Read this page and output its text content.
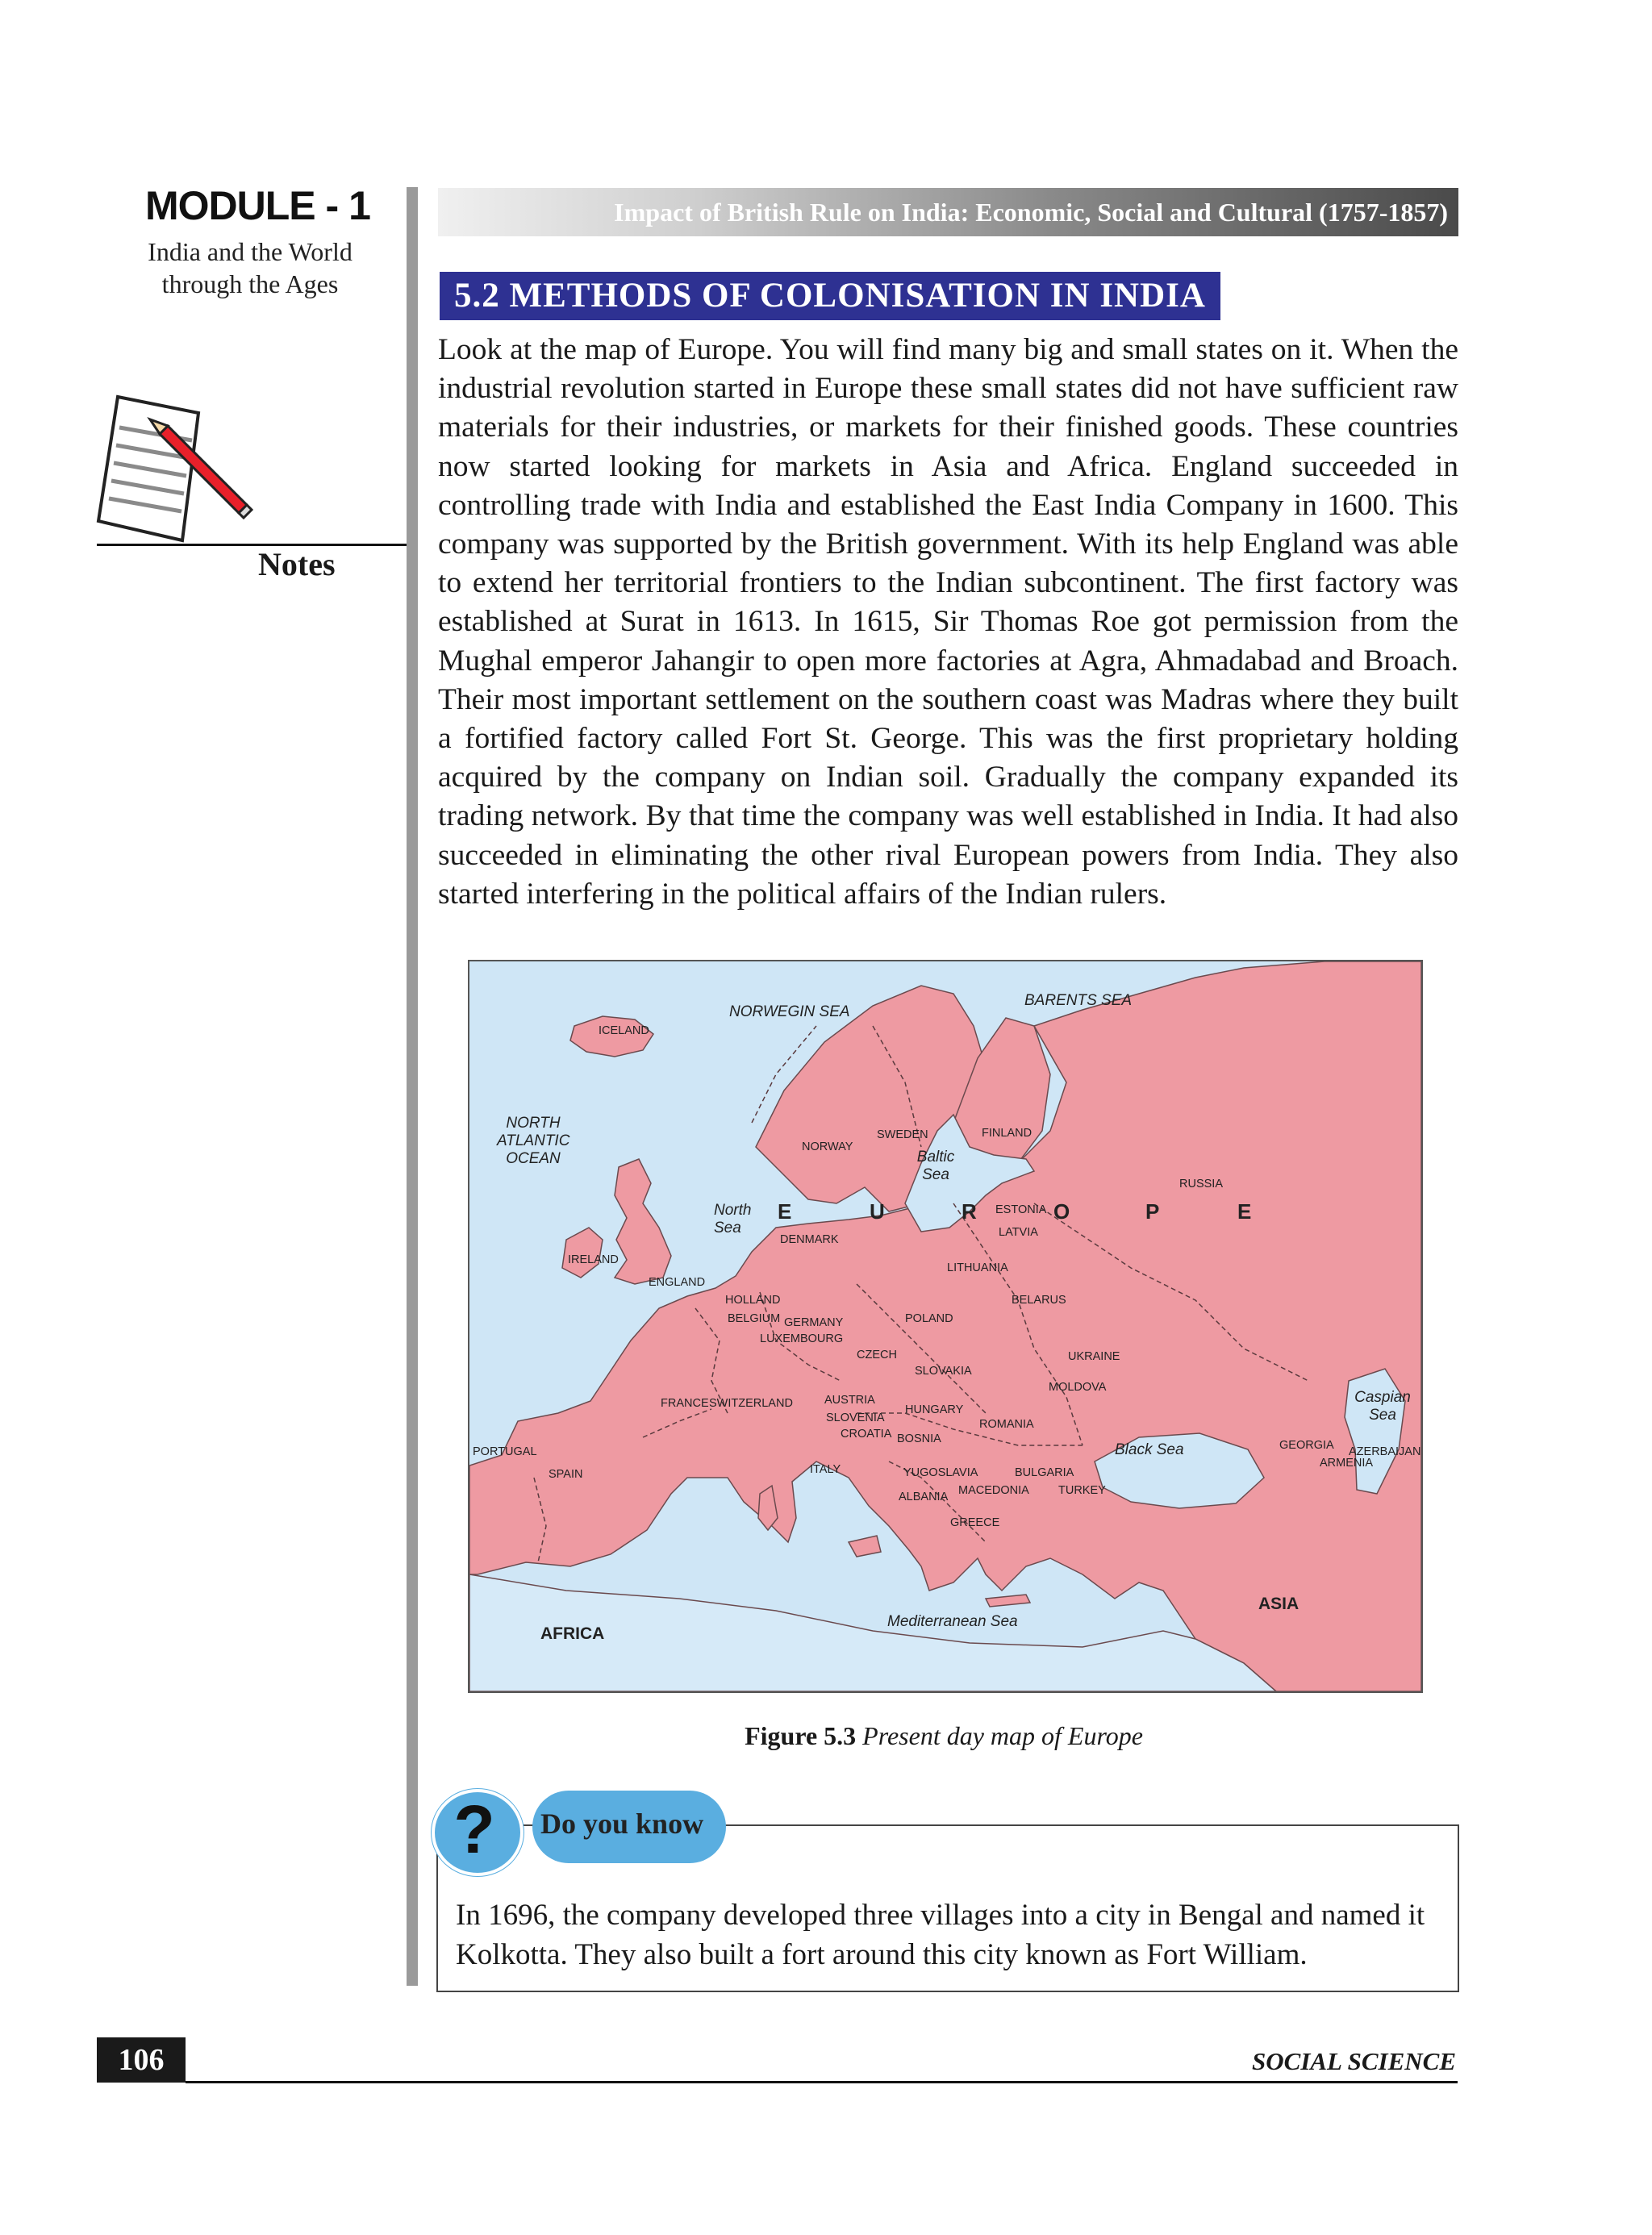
MODULE - 1
India and the World
through the Ages
Notes
Impact of British Rule on India: Economic, Social and Cultural (1757-1857)
5.2 METHODS OF COLONISATION IN INDIA
Look at the map of Europe. You will find many big and small states on it. When the industrial revolution started in Europe these small states did not have sufficient raw materials for their industries, or markets for their finished goods. These countries now started looking for markets in Asia and Africa. England succeeded in controlling trade with India and established the East India Company in 1600. This company was supported by the British government. With its help England was able to extend her territorial frontiers to the Indian subcontinent. The first factory was established at Surat in 1613. In 1615, Sir Thomas Roe got permission from the Mughal emperor Jahangir to open more factories at Agra, Ahmadabad and Broach. Their most important settlement on the southern coast was Madras where they built a fortified factory called Fort St. George. This was the first proprietary holding acquired by the company on Indian soil. Gradually the company expanded its trading network. By that time the company was well established in India. It had also succeeded in eliminating the other rival European powers from India. They also started interfering in the political affairs of the Indian rulers.
NORWEGIN SEA
BARENTS SEA
NORTH
ATLANTIC
OCEAN	Baltic
Sea
North
Sea
Caspian
Sea
Black Sea
Mediterranean Sea
ASIA
AFRICA
E	U	R	O	P	E
ICELAND
NORWAY
SWEDEN	FINLAND
RUSSIA
ESTONIA
LATVIA
LITHUANIA
DENMARK
IRELAND
ENGLAND
HOLLAND
BELGIUM GERMANY
LUXEMBOURG
POLAND
BELARUS
CZECH
SLOVAKIA
UKRAINE
MOLDOVA
FRANCE SWITZERLAND	AUSTRIA
HUNGARY
SLOVENIA
CROATIA
ROMANIA
BOSNIA
PORTUGAL
SPAIN	ITALY	YUGOSLAVIA	BULGARIA
MACEDONIA
ALBANIA	TURKEY
GREECE
GEORGIA
ARMENIA
AZERBAIJAN
Figure 5.3 Present day map of Europe
?	Do you know
In 1696, the company developed three villages into a city in Bengal and named it Kolkotta. They also built a fort around this city known as Fort William.
106	SOCIAL SCIENCE
